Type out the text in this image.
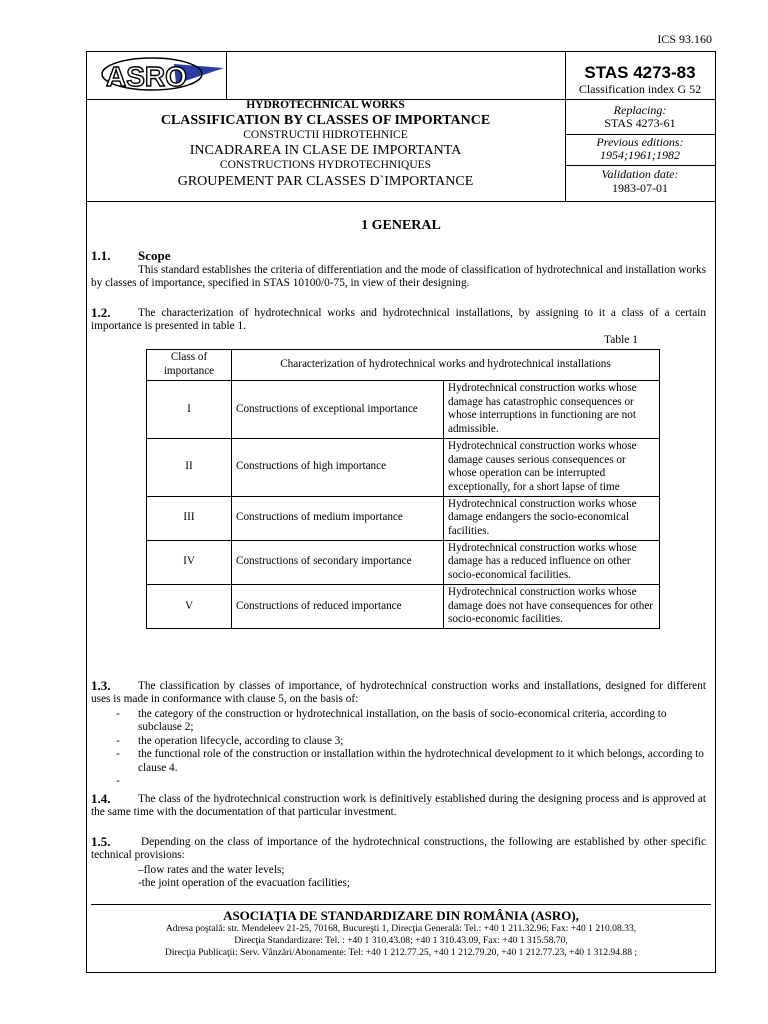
ICS 93.160
ASRO	STAS 4273-83
Classification index G 52
Replacing:
STAS 4273-61
Previous editions:
1954;1961;1982
Validation date:
1983-07-01
HYDROTECHNICAL WORKS
CLASSIFICATION BY CLASSES OF IMPORTANCE
CONSTRUCTII HIDROTEHNICE
INCADRAREA IN CLASE DE IMPORTANTA
CONSTRUCTIONS HYDROTECHNIQUES
GROUPEMENT PAR CLASSES D`IMPORTANCE
1 GENERAL
1.1. Scope
This standard establishes the criteria of differentiation and the mode of classification of hydrotechnical and installation works by classes of importance, specified in STAS 10100/0-75, in view of their designing.
1.2.	The characterization of hydrotechnical works and hydrotechnical installations, by assigning to it a class of a certain importance is presented in table 1.
Table 1
Class of importance	Characterization of hydrotechnical works and hydrotechnical installations	
I	Constructions of exceptional importance	Hydrotechnical construction works whose damage has catastrophic consequences or whose interruptions in functioning are not admissible.
II	Constructions of high importance	Hydrotechnical construction works whose damage causes serious consequences or whose operation can be interrupted exceptionally, for a short lapse of time
III	Constructions of medium importance	Hydrotechnical construction works whose damage endangers the socio-economical facilities.
IV	Constructions of secondary importance	Hydrotechnical construction works whose damage has a reduced influence on other socio-economical facilities.
V	Constructions of reduced importance	Hydrotechnical construction works whose damage does not have consequences for other socio-economic facilities.
1.3.	The classification by classes of importance, of hydrotechnical construction works and installations, designed for different uses is made in conformance with clause 5, on the basis of:
- the category of the construction or hydrotechnical installation, on the basis of socio-economical criteria, according to subclause 2;
- the operation lifecycle, according to clause 3;
- the functional role of the construction or installation within the hydrotechnical development to it which belongs, according to clause 4.
-
1.4.	The class of the hydrotechnical construction work is definitively established during the designing process and is approved at the same time with the documentation of that particular investment.
1.5.	Depending on the class of importance of the hydrotechnical constructions, the following are established by other specific technical provisions:
–flow rates and the water levels;
-the joint operation of the evacuation facilities;
ASOCIAŢIA DE STANDARDIZARE DIN ROMÂNIA (ASRO),
Adresa poştală: str. Mendeleev 21-25, 70168, Bucureşti 1, Direcţia Generală: Tel.: +40 1 211.32.96; Fax: +40 1 210.08.33,
Direcţia Standardizare: Tel. : +40 1 310.43.08; +40 1 310.43.09, Fax: +40 1 315.58.70,
Direcţia Publicaţii: Serv. Vânzări/Abonamente: Tel: +40 1 212.77.25, +40 1 212.79.20, +40 1 212.77.23, +40 1 312.94.88 ;
